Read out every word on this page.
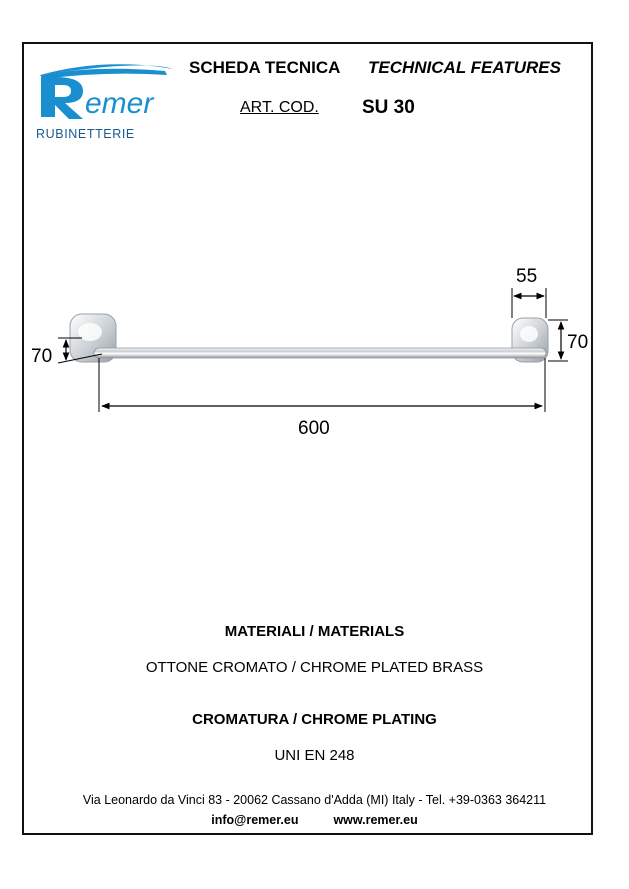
emer
RUBINETTERIE
SCHEDA TECNICA TECHNICAL FEATURES
ART. COD. SU 30
55
70
70
600
MATERIALI / MATERIALS
OTTONE CROMATO / CHROME PLATED BRASS
CROMATURA / CHROME PLATING
UNI EN 248
Via Leonardo da Vinci 83 - 20062 Cassano d'Adda (MI) Italy - Tel. +39-0363 364211
info@remer.eu	www.remer.eu
